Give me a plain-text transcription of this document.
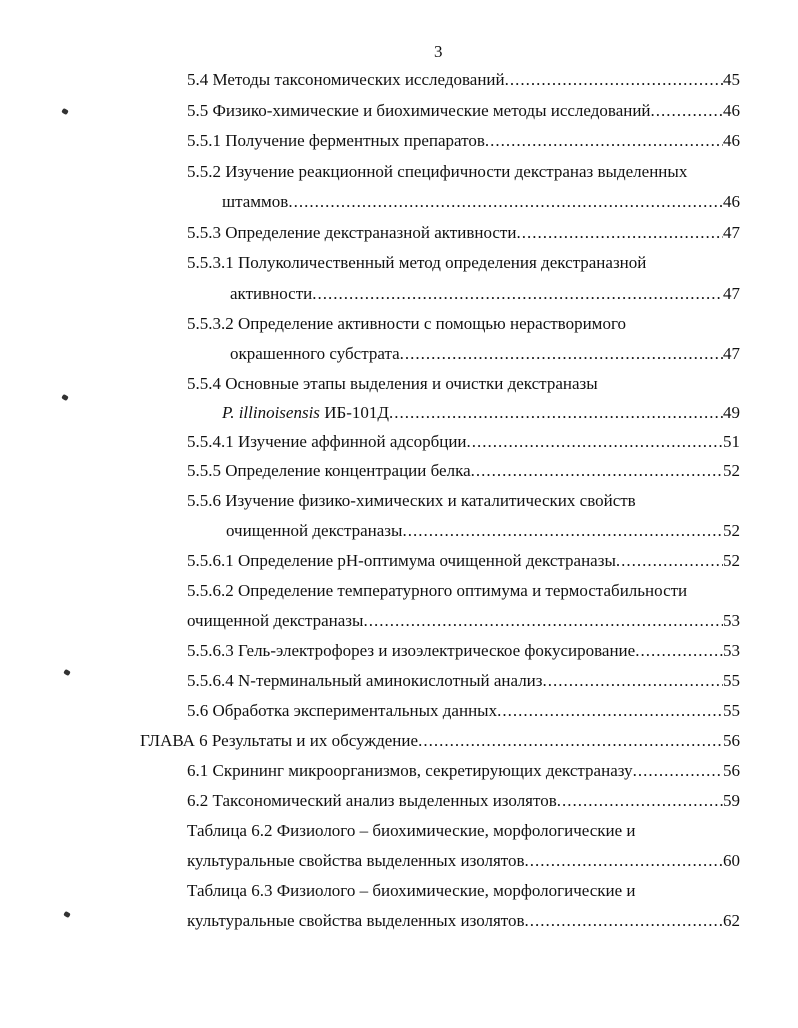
3
5.4 Методы таксономических исследований .....	45
5.5 Физико-химические и биохимические методы исследований .....	46
5.5.1 Получение ферментных препаратов .....	46
5.5.2 Изучение реакционной специфичности декстраназ выделенных
штаммов .....	46
5.5.3 Определение декстраназной активности .....	47
5.5.3.1 Полуколичественный метод определения декстраназной
активности .....	47
5.5.3.2 Определение активности с помощью нерастворимого
окрашенного субстрата .....	47
5.5.4 Основные этапы выделения и очистки декстраназы
P. illinoisensis ИБ-101Д .....	49
5.5.4.1 Изучение аффинной адсорбции .....	51
5.5.5 Определение концентрации белка .....	52
5.5.6 Изучение физико-химических и каталитических свойств
очищенной декстраназы .....	52
5.5.6.1 Определение pH-оптимума очищенной декстраназы .....	52
5.5.6.2 Определение температурного оптимума и термостабильности
очищенной декстраназы .....	53
5.5.6.3 Гель-электрофорез и изоэлектрическое фокусирование .....	53
5.5.6.4 N-терминальный аминокислотный анализ .....	55
5.6 Обработка экспериментальных данных .....	55
ГЛАВА 6 Результаты и их обсуждение .....	56
6.1 Скрининг микроорганизмов, секретирующих декстраназу .....	56
6.2 Таксономический анализ выделенных изолятов .....	59
Таблица 6.2 Физиолого – биохимические, морфологические и
культуральные свойства выделенных изолятов .....	60
Таблица 6.3 Физиолого – биохимические, морфологические и
культуральные свойства выделенных изолятов .....	62
